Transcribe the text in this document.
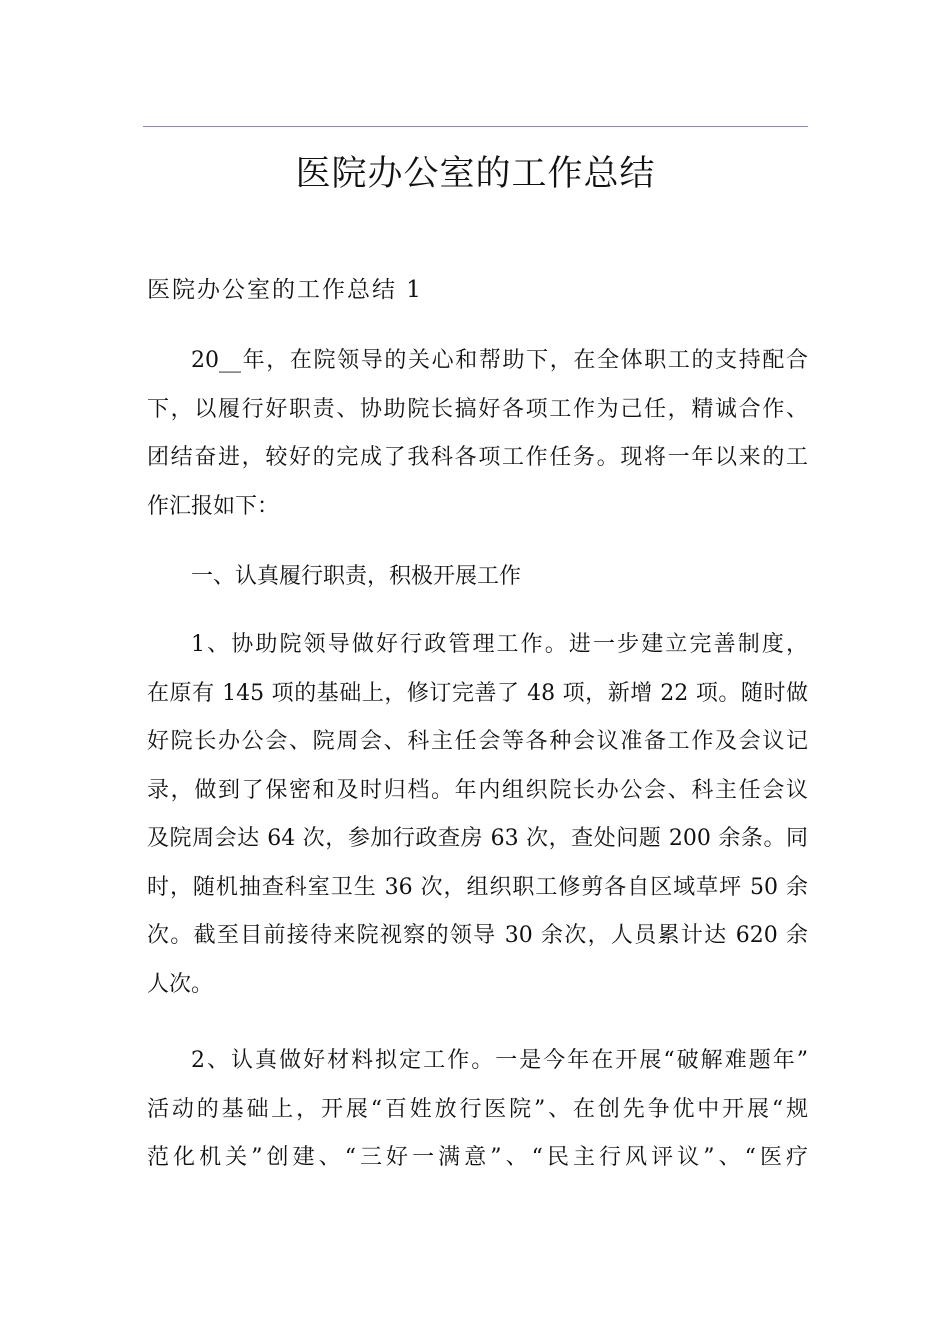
医院办公室的工作总结
医院办公室的工作总结 1
20__年，在院领导的关心和帮助下，在全体职工的支持配合
下，以履行好职责、协助院长搞好各项工作为己任，精诚合作、
团结奋进，较好的完成了我科各项工作任务。现将一年以来的工
作汇报如下：
一、认真履行职责，积极开展工作
1、协助院领导做好行政管理工作。进一步建立完善制度，
在原有 145 项的基础上，修订完善了 48 项，新增 22 项。随时做
好院长办公会、院周会、科主任会等各种会议准备工作及会议记
录，做到了保密和及时归档。年内组织院长办公会、科主任会议
及院周会达 64 次，参加行政查房 63 次，查处问题 200 余条。同
时，随机抽查科室卫生 36 次，组织职工修剪各自区域草坪 50 余
次。截至目前接待来院视察的领导 30 余次，人员累计达 620 余
人次。
2、认真做好材料拟定工作。一是今年在开展“破解难题年”
活动的基础上，开展“百姓放行医院”、在创先争优中开展“规
范化机关”创建、“三好一满意”、“民主行风评议”、“医疗
